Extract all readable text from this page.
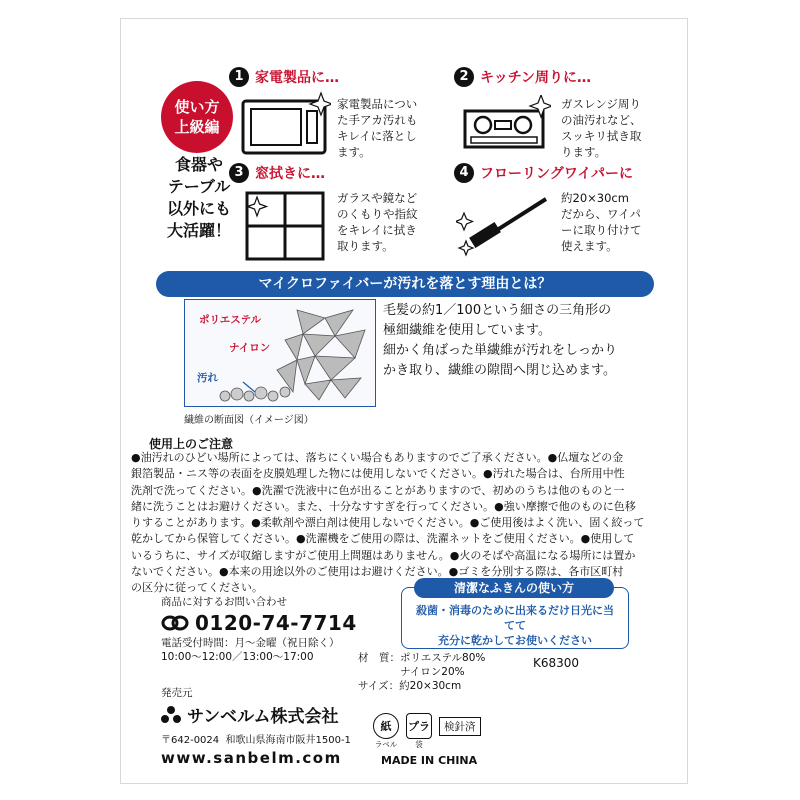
使い方
上級編
食器や
テーブル
以外にも
大活躍！
1 家電製品に…
家電製品につい
た手アカ汚れも
キレイに落とし
ます。
2 キッチン周りに…
ガスレンジ周り
の油汚れなど、
スッキリ拭き取
ります。
3 窓拭きに…
ガラスや鏡など
のくもりや指紋
をキレイに拭き
取ります。
4 フローリングワイパーに
約20×30cm
だから、ワイパ
ーに取り付けて
使えます。
マイクロファイバーが汚れを落とす理由とは？
ポリエステル
ナイロン
汚れ
繊維の断面図（イメージ図）
毛髪の約1／100という細さの三角形の
極細繊維を使用しています。
細かく角ばった単繊維が汚れをしっかり
かき取り、繊維の隙間へ閉じ込めます。
使用上のご注意
●油汚れのひどい場所によっては、落ちにくい場合もありますのでご了承ください。●仏壇などの金
銀箔製品・ニス等の表面を皮膜処理した物には使用しないでください。●汚れた場合は、台所用中性
洗剤で洗ってください。●洗濯で洗液中に色が出ることがありますので、初めのうちは他のものと一
緒に洗うことはお避けください。また、十分なすすぎを行ってください。●強い摩擦で他のものに色移
りすることがあります。●柔軟剤や漂白剤は使用しないでください。●ご使用後はよく洗い、固く絞って
乾かしてから保管してください。●洗濯機をご使用の際は、洗濯ネットをご使用ください。●使用して
いるうちに、サイズが収縮しますがご使用上問題はありません。●火のそばや高温になる場所には置か
ないでください。●本来の用途以外のご使用はお避けください。●ゴミを分別する際は、各市区町村
の区分に従ってください。
商品に対するお問い合わせ
0120-74-7714
電話受付時間：月〜金曜（祝日除く）
10:00〜12:00／13:00〜17:00
清潔なふきんの使い方
殺菌・消毒のために出来るだけ日光に当てて
充分に乾かしてお使いください
材　質：ポリエステル80%
　　　　ナイロン20%
サイズ：約20×30cm
K68300
発売元
サンベルム株式会社
〒642-0024  和歌山県海南市阪井1500-1
www.sanbelm.com	MADE IN CHINA
紙
ラベル
プラ
袋
検針済
